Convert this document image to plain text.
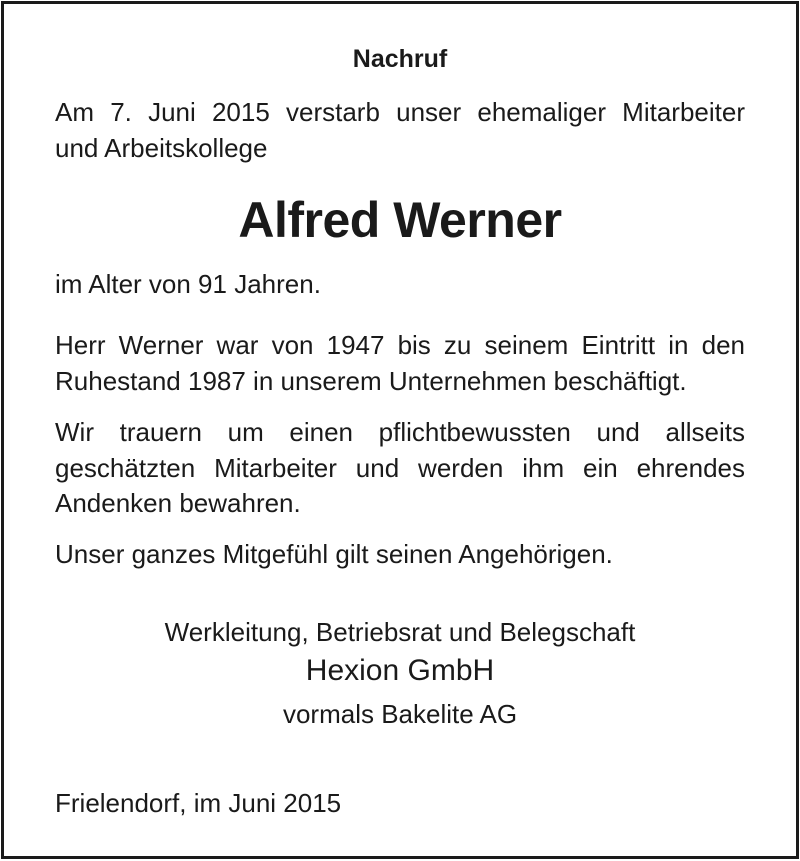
Nachruf
Am 7. Juni 2015 verstarb unser ehemaliger Mitarbeiter
und Arbeitskollege
Alfred Werner
im Alter von 91 Jahren.
Herr Werner war von 1947 bis zu seinem Eintritt in den
Ruhestand 1987 in unserem Unternehmen beschäftigt.
Wir trauern um einen pflichtbewussten und allseits
geschätzten Mitarbeiter und werden ihm ein ehrendes
Andenken bewahren.
Unser ganzes Mitgefühl gilt seinen Angehörigen.
Werkleitung, Betriebsrat und Belegschaft
Hexion GmbH
vormals Bakelite AG
Frielendorf, im Juni 2015
